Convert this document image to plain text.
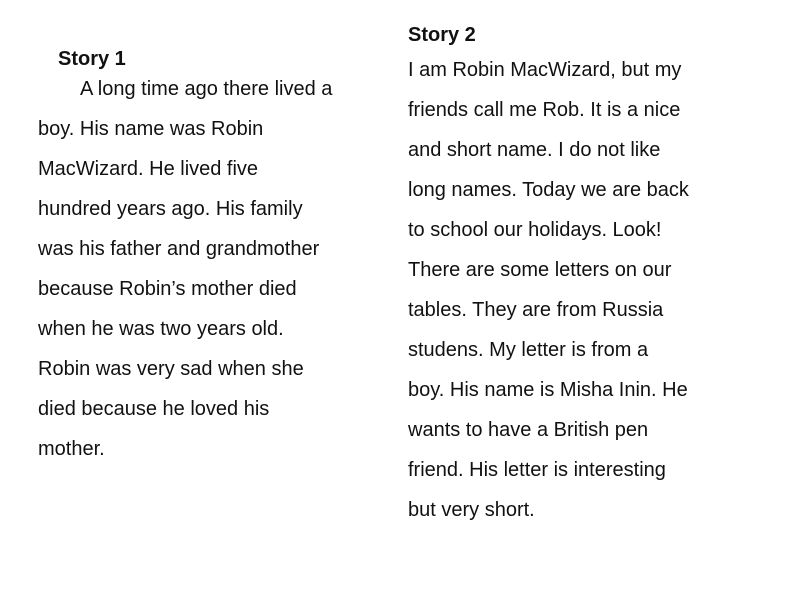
Story 1

A long time ago there lived a

boy. His name was Robin

MacWizard. He lived five

hundred years ago. His family

was his father and grandmother

because Robin’s mother died

when he was two years old.

Robin was very sad when she

died because he loved his

mother.

Story 2

I am Robin MacWizard, but my

friends call me Rob. It is a nice

and short name. I do not like

long names. Today we are back

to school our holidays. Look!

There are some letters on our

tables. They are from Russia

studens. My letter is from a

boy. His name is Misha Inin. He

wants to have a British pen

friend. His letter is interesting

but very short.
